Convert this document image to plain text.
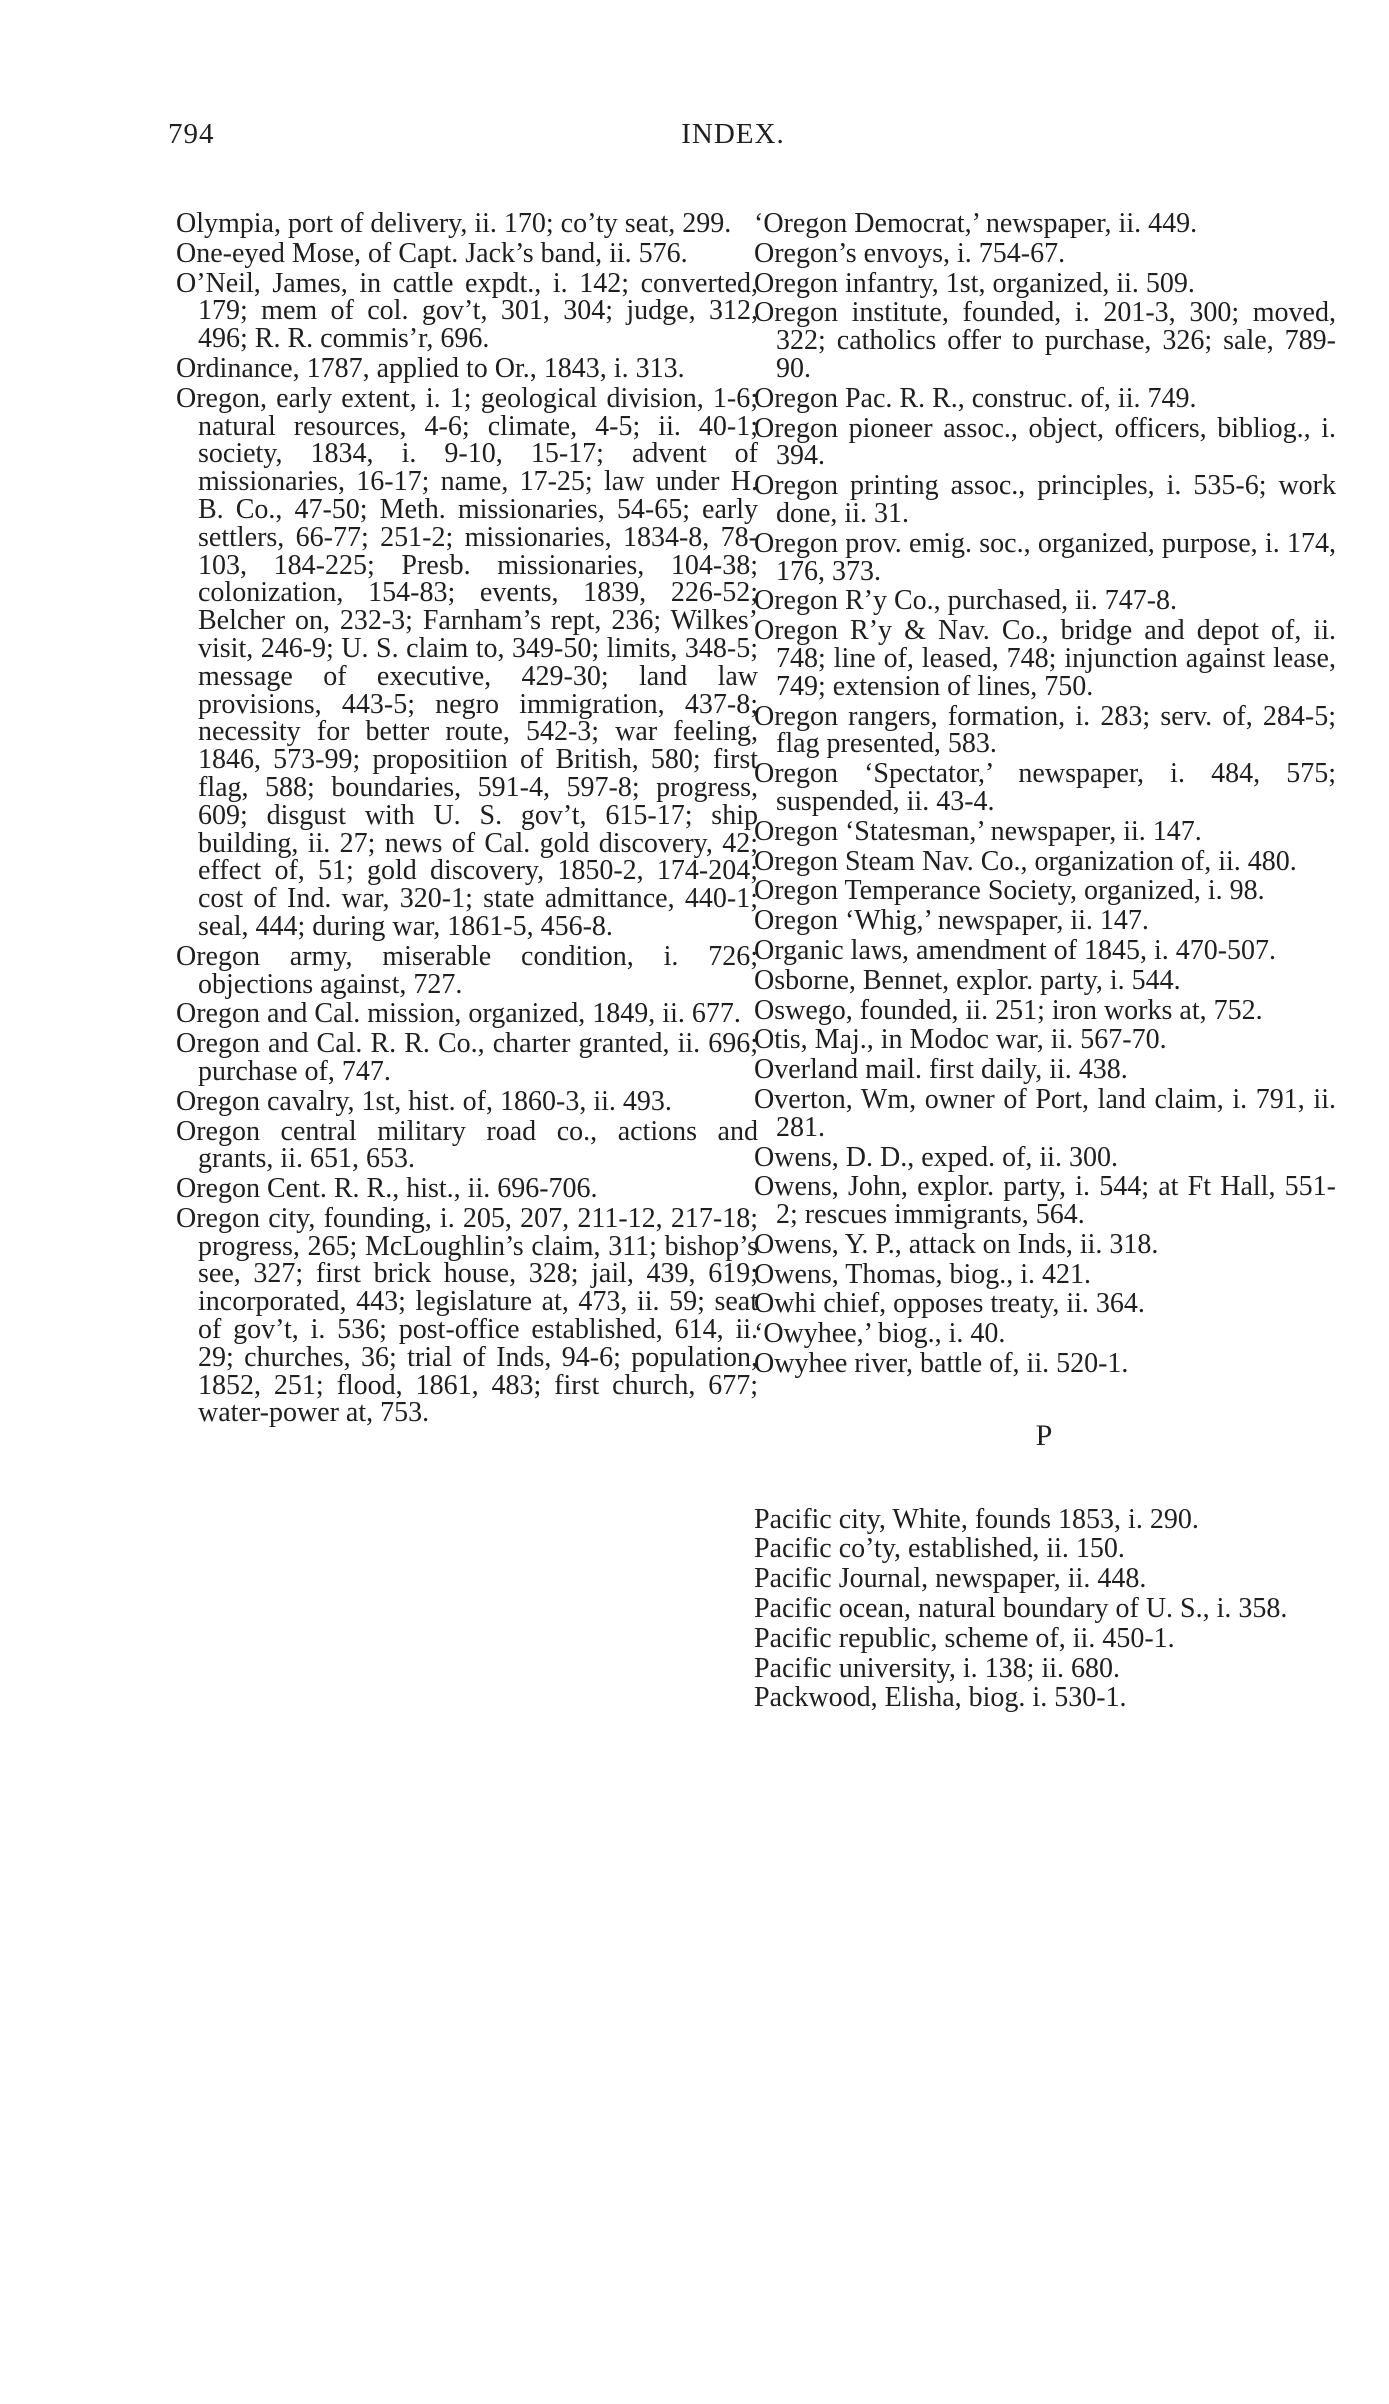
794	INDEX.
Olympia, port of delivery, ii. 170; co’ty seat, 299.
One-eyed Mose, of Capt. Jack’s band, ii. 576.
O’Neil, James, in cattle expdt., i. 142; converted, 179; mem of col. gov’t, 301, 304; judge, 312, 496; R. R. commis’r, 696.
Ordinance, 1787, applied to Or., 1843, i. 313.
Oregon, early extent, i. 1; geological division, 1-6; natural resources, 4-6; climate, 4-5; ii. 40-1; society, 1834, i. 9-10, 15-17; advent of missionaries, 16-17; name, 17-25; law under H. B. Co., 47-50; Meth. missionaries, 54-65; early settlers, 66-77; 251-2; missionaries, 1834-8, 78-103, 184-225; Presb. missionaries, 104-38; colonization, 154-83; events, 1839, 226-52; Belcher on, 232-3; Farnham’s rept, 236; Wilkes’ visit, 246-9; U. S. claim to, 349-50; limits, 348-5; message of executive, 429-30; land law provisions, 443-5; negro immigration, 437-8; necessity for better route, 542-3; war feeling, 1846, 573-99; propositiion of British, 580; first flag, 588; boundaries, 591-4, 597-8; progress, 609; disgust with U. S. gov’t, 615-17; ship building, ii. 27; news of Cal. gold discovery, 42; effect of, 51; gold discovery, 1850-2, 174-204; cost of Ind. war, 320-1; state admittance, 440-1; seal, 444; during war, 1861-5, 456-8.
Oregon army, miserable condition, i. 726; objections against, 727.
Oregon and Cal. mission, organized, 1849, ii. 677.
Oregon and Cal. R. R. Co., charter granted, ii. 696; purchase of, 747.
Oregon cavalry, 1st, hist. of, 1860-3, ii. 493.
Oregon central military road co., actions and grants, ii. 651, 653.
Oregon Cent. R. R., hist., ii. 696-706.
Oregon city, founding, i. 205, 207, 211-12, 217-18; progress, 265; McLoughlin’s claim, 311; bishop’s see, 327; first brick house, 328; jail, 439, 619; incorporated, 443; legislature at, 473, ii. 59; seat of gov’t, i. 536; post-office established, 614, ii. 29; churches, 36; trial of Inds, 94-6; population, 1852, 251; flood, 1861, 483; first church, 677; water-power at, 753.
‘Oregon Democrat,’ newspaper, ii. 449.
Oregon’s envoys, i. 754-67.
Oregon infantry, 1st, organized, ii. 509.
Oregon institute, founded, i. 201-3, 300; moved, 322; catholics offer to purchase, 326; sale, 789-90.
Oregon Pac. R. R., construc. of, ii. 749.
Oregon pioneer assoc., object, officers, bibliog., i. 394.
Oregon printing assoc., principles, i. 535-6; work done, ii. 31.
Oregon prov. emig. soc., organized, purpose, i. 174, 176, 373.
Oregon R’y Co., purchased, ii. 747-8.
Oregon R’y & Nav. Co., bridge and depot of, ii. 748; line of, leased, 748; injunction against lease, 749; extension of lines, 750.
Oregon rangers, formation, i. 283; serv. of, 284-5; flag presented, 583.
Oregon ‘Spectator,’ newspaper, i. 484, 575; suspended, ii. 43-4.
Oregon ‘Statesman,’ newspaper, ii. 147.
Oregon Steam Nav. Co., organization of, ii. 480.
Oregon Temperance Society, organized, i. 98.
Oregon ‘Whig,’ newspaper, ii. 147.
Organic laws, amendment of 1845, i. 470-507.
Osborne, Bennet, explor. party, i. 544.
Oswego, founded, ii. 251; iron works at, 752.
Otis, Maj., in Modoc war, ii. 567-70.
Overland mail. first daily, ii. 438.
Overton, Wm, owner of Port, land claim, i. 791, ii. 281.
Owens, D. D., exped. of, ii. 300.
Owens, John, explor. party, i. 544; at Ft Hall, 551-2; rescues immigrants, 564.
Owens, Y. P., attack on Inds, ii. 318.
Owens, Thomas, biog., i. 421.
Owhi chief, opposes treaty, ii. 364.
‘Owyhee,’ biog., i. 40.
Owyhee river, battle of, ii. 520-1.
P
Pacific city, White, founds 1853, i. 290.
Pacific co’ty, established, ii. 150.
Pacific Journal, newspaper, ii. 448.
Pacific ocean, natural boundary of U. S., i. 358.
Pacific republic, scheme of, ii. 450-1.
Pacific university, i. 138; ii. 680.
Packwood, Elisha, biog. i. 530-1.
